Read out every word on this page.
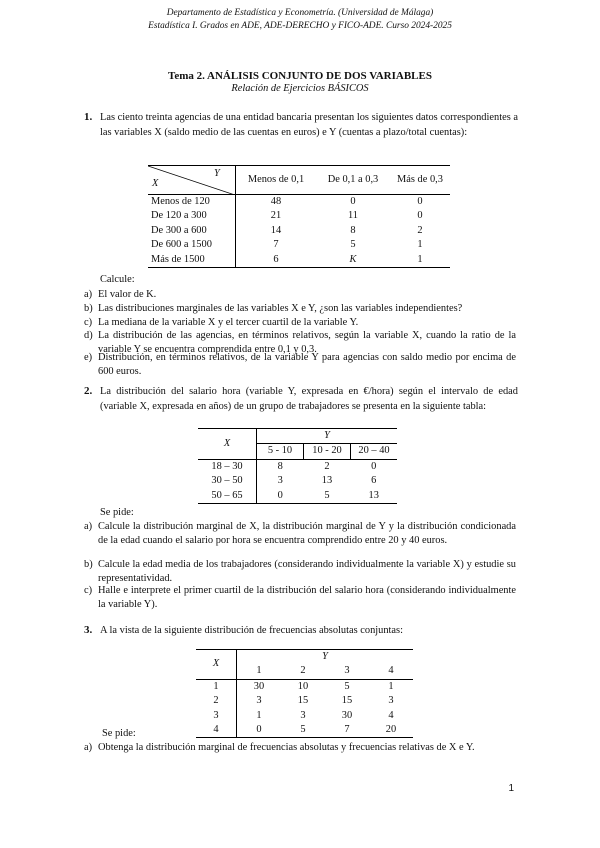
Departamento de Estadística y Econometría. (Universidad de Málaga)
Estadística I. Grados en ADE, ADE-DERECHO y FICO-ADE. Curso 2024-2025
Tema 2. ANÁLISIS CONJUNTO DE DOS VARIABLES
Relación de Ejercicios BÁSICOS
1. Las ciento treinta agencias de una entidad bancaria presentan los siguientes datos correspondientes a las variables X (saldo medio de las cuentas en euros) e Y (cuentas a plazo/total cuentas):
Y
X	Menos de 0,1	De 0,1 a 0,3	Más de 0,3
Menos de 120	48	0	0
De 120 a 300	21	11	0
De 300 a 600	14	8	2
De 600 a 1500	7	5	1
Más de 1500	6	K	1
Calcule:
a) El valor de K.
b) Las distribuciones marginales de las variables X e Y, ¿son las variables independientes?
c) La mediana de la variable X y el tercer cuartil de la variable Y.
d) La distribución de las agencias, en términos relativos, según la variable X, cuando la ratio de la variable Y se encuentra comprendida entre 0,1 y 0,3.
e) Distribución, en términos relativos, de la variable Y para agencias con saldo medio por encima de 600 euros.
2. La distribución del salario hora (variable Y, expresada en €/hora) según el intervalo de edad (variable X, expresada en años) de un grupo de trabajadores se presenta en la siguiente tabla:
X	Y		
	5 - 10	10 - 20	20 – 40
18 – 30	8	2	0
30 – 50	3	13	6
50 – 65	0	5	13
Se pide:
a) Calcule la distribución marginal de X, la distribución marginal de Y y la distribución condicionada de la edad cuando el salario por hora se encuentra comprendido entre 20 y 40 euros.
b) Calcule la edad media de los trabajadores (considerando individualmente la variable X) y estudie su representatividad.
c) Halle e interprete el primer cuartil de la distribución del salario hora (considerando individualmente la variable Y).
3. A la vista de la siguiente distribución de frecuencias absolutas conjuntas:
X	Y			
	1	2	3	4
1	30	10	5	1
2	3	15	15	3
3	1	3	30	4
4	0	5	7	20
Se pide:
a) Obtenga la distribución marginal de frecuencias absolutas y frecuencias relativas de X e Y.
1
